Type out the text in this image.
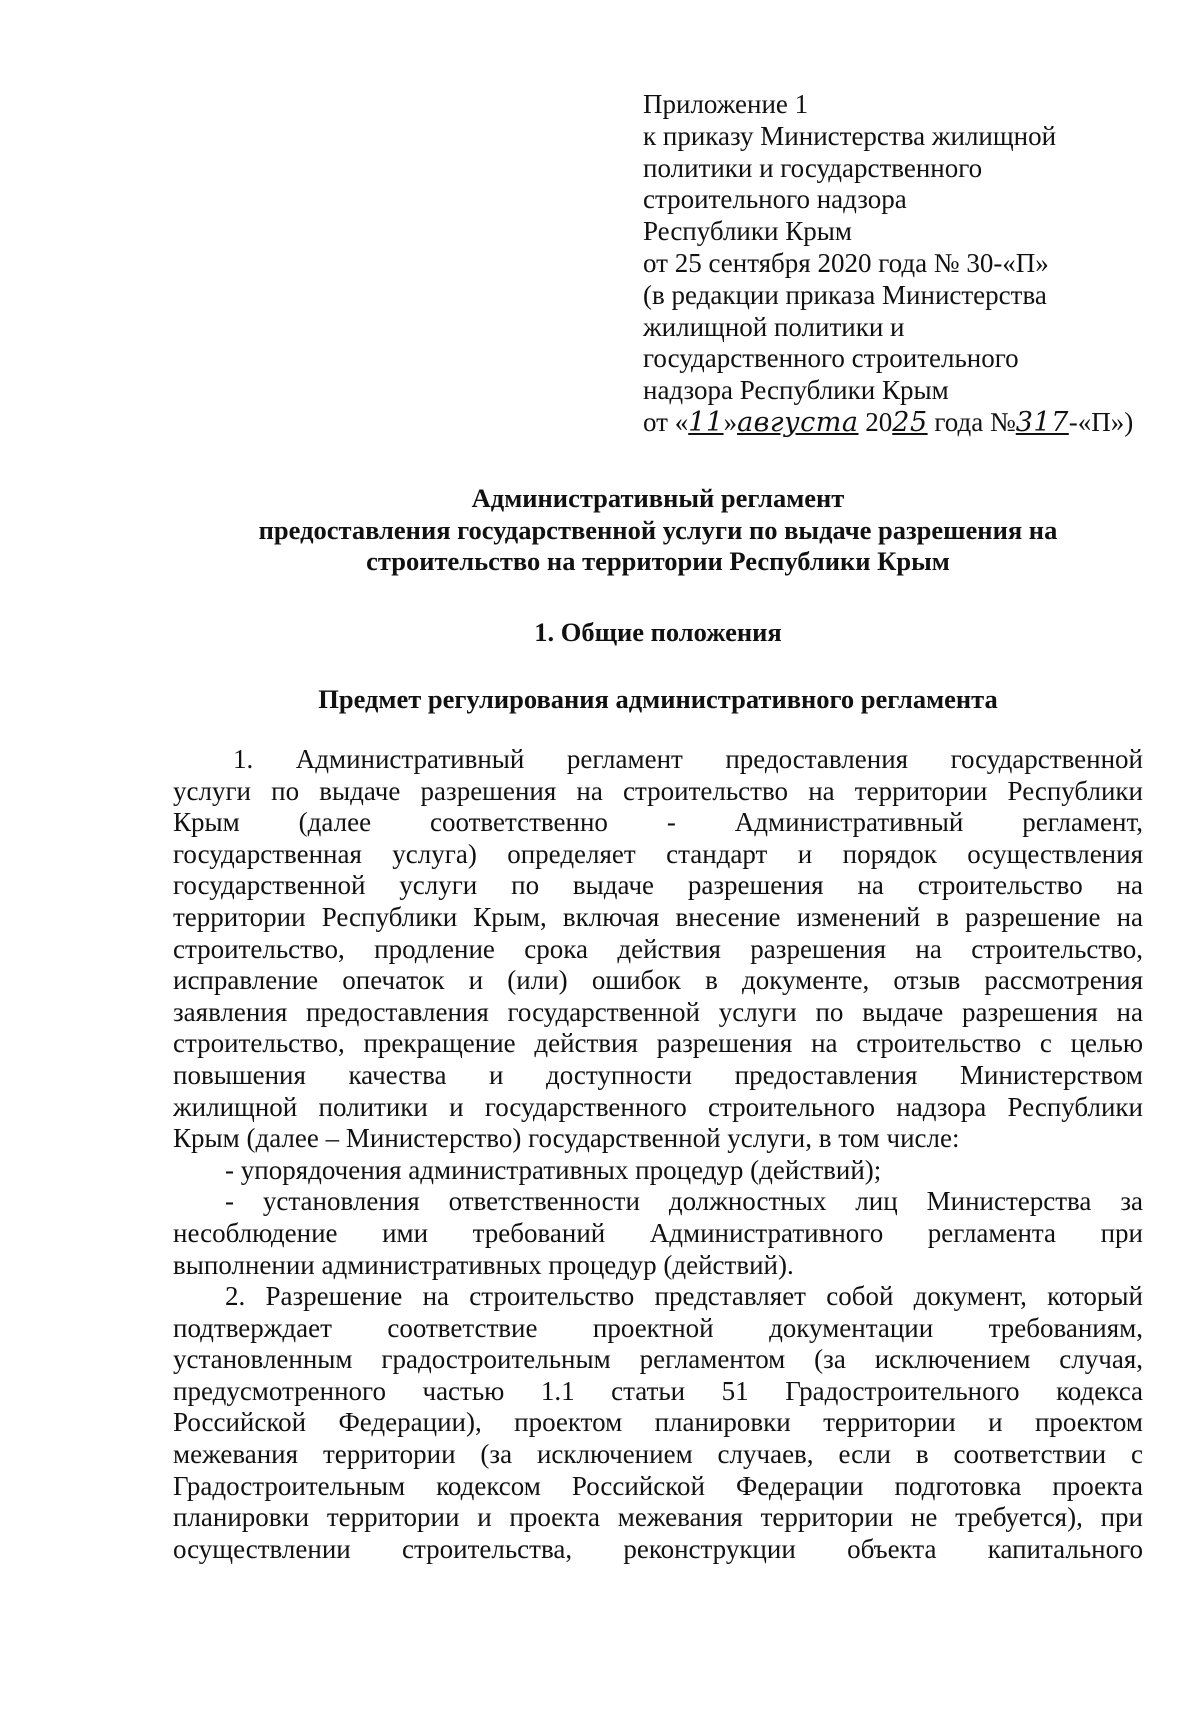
Приложение 1
к приказу Министерства жилищной
политики и государственного
строительного надзора
Республики Крым
от 25 сентября 2020 года № 30-«П»
(в редакции приказа Министерства
жилищной политики и
государственного строительного
надзора Республики Крым
от «11»августа 2025 года №317-«П»)
Административный регламент
предоставления государственной услуги по выдаче разрешения на
строительство на территории Республики Крым
1. Общие положения
Предмет регулирования административного регламента
1. Административный регламент предоставления государственной
услуги по выдаче разрешения на строительство на территории Республики
Крым (далее соответственно - Административный регламент,
государственная услуга) определяет стандарт и порядок осуществления
государственной услуги по выдаче разрешения на строительство на
территории Республики Крым, включая внесение изменений в разрешение на
строительство, продление срока действия разрешения на строительство,
исправление опечаток и (или) ошибок в документе, отзыв рассмотрения
заявления предоставления государственной услуги по выдаче разрешения на
строительство, прекращение действия разрешения на строительство с целью
повышения качества и доступности предоставления Министерством
жилищной политики и государственного строительного надзора Республики
Крым (далее – Министерство) государственной услуги, в том числе:
- упорядочения административных процедур (действий);
- установления ответственности должностных лиц Министерства за
несоблюдение ими требований Административного регламента при
выполнении административных процедур (действий).
2. Разрешение на строительство представляет собой документ, который
подтверждает соответствие проектной документации требованиям,
установленным градостроительным регламентом (за исключением случая,
предусмотренного частью 1.1 статьи 51 Градостроительного кодекса
Российской Федерации), проектом планировки территории и проектом
межевания территории (за исключением случаев, если в соответствии с
Градостроительным кодексом Российской Федерации подготовка проекта
планировки территории и проекта межевания территории не требуется), при
осуществлении строительства, реконструкции объекта капитального
